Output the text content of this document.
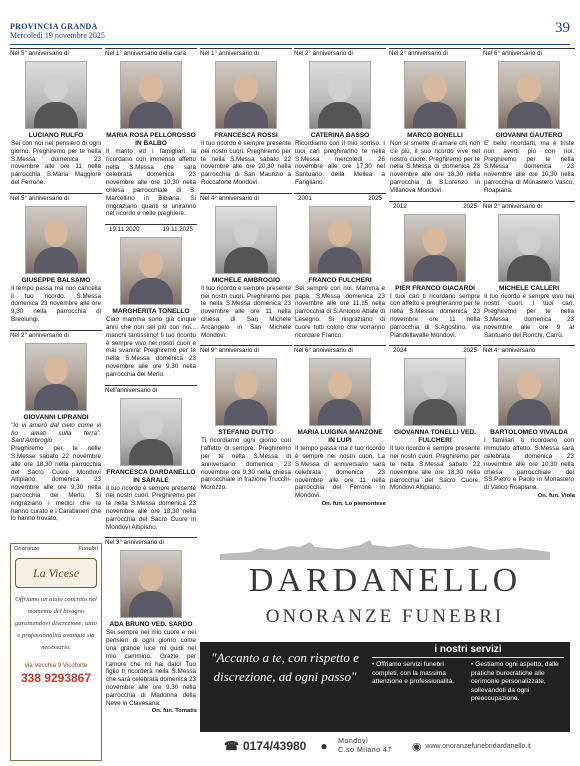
PROVINCIA GRANDA
Mercoledì 19 novembre 2025	39
Nel 5° anniversario di
LUCIANO RULFO
Sei con noi nel pensiero di ogni giorno. Preghiremo per te nella S.Messa domenica 23 novembre alle ore 11 nella parrocchia S.Maria Maggiore del Ferrone.
Nel 5° anniversario di
GIUSEPPE BALSAMO
Il tempo passa ma non cancella il tuo ricordo. S.Messa domenica 23 novembre alle ore 9,30 nella parrocchia di Breolungi.
Nel 2° anniversario di
GIOVANNI LIPRANDI
"Io vi amerò dal cielo come vi ho amati sulla terra". Sant'Ambrogio
Preghiremo per te nelle S.Messe sabato 22 novembre alle ore 18,30 nella parrocchia del Sacro Cuore Mondovì Altipiano, domenica 23 novembre alle ore 9,30 nella parrocchia del Merlo. Si ringraziano i medici che lo hanno curato e i Carabinieri che lo hanno trovato,
Nel 1° anniversario della cara
MARIA ROSA PELLOROSSO IN BALBO
Il marito ed i famigliari la ricordano con immenso affetto nella S.Messa che sarà celebrata domenica 23 novembre alle ore 10,30 nella chiesa parrocchiale di S. Marcellino in Bibiana. Si ringraziano quanti si uniranno nel ricordo e nelle preghiere.
19.11.2020	19.11.2025
MARGHERITA TONELLO
Ciao mamma sono già cinque anni che non sei più con noi... manchi tantissimo! Il tuo ricordo è sempre vivo nei nostri cuori e mai svanirà! Preghiremo per te nella S.Messa domenica 23 novembre alle ore 9,30 nella parrocchia del Merlo.
Nell'anniversario di
FRANCESCA DARDANELLO IN SARALE
Il tuo ricordo è sempre presente nei nostri cuori. Preghiremo per te nella S.Messa domenica 23 novembre alle ore 18,30 nella parrocchia del Sacro Cuore in Mondovì Altipiano.
Nel 3° anniversario di
ADA BRUNO VED. SARDO
Sei sempre nel mio cuore e nei pensieri di ogni giorno come una grande luce mi guidi nel mio cammino. Grazie per l'amore che mi hai dato! Tuo figlio ti ricorderà nella S.Messa che sarà celebrata domenica 23 novembre alle ore 9,30 nella parrocchia di Madonna della Neve in Clavesana.
On. fun. Tomatis
Nel 1° anniversario di
FRANCESCA ROSSI
Il tuo ricordo è sempre presente nei nostri cuori. Preghiremo per te nella S.Messa sabato 22 novembre alle ore 20,30 nella parrocchia di San Maurizio a Roccaforte Mondovì.
Nel 4° anniversario di
MICHELE AMBROGIO
Il tuo ricordo è sempre presente nei nostri cuori. Preghiremo per te nella S.Messa domenica 23 novembre alle ore 11 nella chiesa di San Michele Arcangelo in San Michele Mondovì.
Nel 9° anniversario di
STEFANO DUTTO
Ti ricordiamo ogni giorno con l'affetto di sempre. Preghiremo per te nella S.Messa di anniversario domenica 23 novembre ore 9,30 nella chiesa parrocchiale in frazione Trucchi-Morozzo.
Nel 2° anniversario di
CATERINA BASSO
Ricordiamo con il mio sorriso. I tuoi cari preghiranno te nella S.Messa mercoledì 26 novembre alle ore 17,30 nel Santuario della Mellea a Farigliano.
2001	2025
FRANCO FULCHERI
Sei sempre con noi. Mamma e papà. S.Messa domenica 23 novembre alle ore 11,15 nella parrocchia di S.Antonio Abate di Lesegno. Si ringraziano di cuore tutti coloro che vorranno ricordare Franco.
Nel 6° anniversario di
MARIA LUIGINA MANZONE IN LUPI
Il tempo passa ma il tuo ricordo è sempre nei nostri cuori. La S.Messa di anniversario sarà celebrata domenica 23 novembre alle ore 11 nella parrocchia del Ferrone in Mondovì.
On. fun. Lo piemontese
Nel 2° anniversario di
MARCO BONELLI
Non si smette di amare chi non c'è più, il suo ricordo vive nel nostro cuore. Preghiremo per te nella S.Messa di domenica 23 novembre alle ore 18,30 nella parrocchia di S.Lorenzo in Villanova Mondovì.
2012	2025
PIER FRANCO GIACARDI
I tuoi cari ti ricordano sempre con affetto e pregheranno per te nella S.Messa domenica 23 novembre ore 11 nella parrocchia di S.Agostino, via Piandellavalle Mondovì.
2024	2025
GIOVANNA TONELLI VED. FULCHERI
Il tuo ricordo è sempre presente nei nostri cuori. Preghiremo per te nella S.Messa sabato 22 novembre alle ore 18,30 nella parrocchia del Sacro Cuore, Mondovì Altipiano.
Nel 6° anniversario di
GIOVANNI GAUTERO
E' bello ricordarti, ma è triste non averti più con noi. Preghiremo per te nella S.Messa domenica 23 novembre alle ore 10,30 nella parrocchia di Monastero Vasco, Roapiana.
Nel 2° anniversario di
MICHELE CALLERI
Il tuo ricordo è sempre vivo nei nostri cuori. I tuoi cari. Preghiremo per te nella S.Messa domenica 23 novembre alle ore 9 al Santuario dei Ronchi, Carrù.
Nel 4° anniversario
BARTOLOMEO VIVALDA
I familiari ti ricordano con immutato affetto. S.Messa sarà celebrata domenica 23 novembre alle ore 10,30 nella chiesa parrocchiale dei SS.Pietro e Paolo in Monastero di Vasco Roapiana.
On. fun. Viola
Onoranze	Funebri
La Vicese
Offriamo un aiuto concreto nel momento del bisogno garantendovi discrezione, tatto e professionalità ovunque sia necessario.
via Vecchia 9 Vicoforte
338 9293867
DARDANELLO
ONORANZE FUNEBRI
"Accanto a te, con rispetto e discrezione, ad ogni passo"
i nostri servizi
• Offriamo servizi funebri completi, con la massima attenzione e professionalità.
• Gestiamo ogni aspetto, dalle pratiche burocratiche alle cerimonie personalizzate, sollevandoti da ogni preoccupazione.
☎ 0174/43980 ● Mondovì
C.so Milano 47 ◉ www.onoranzefunebridardanello.it
